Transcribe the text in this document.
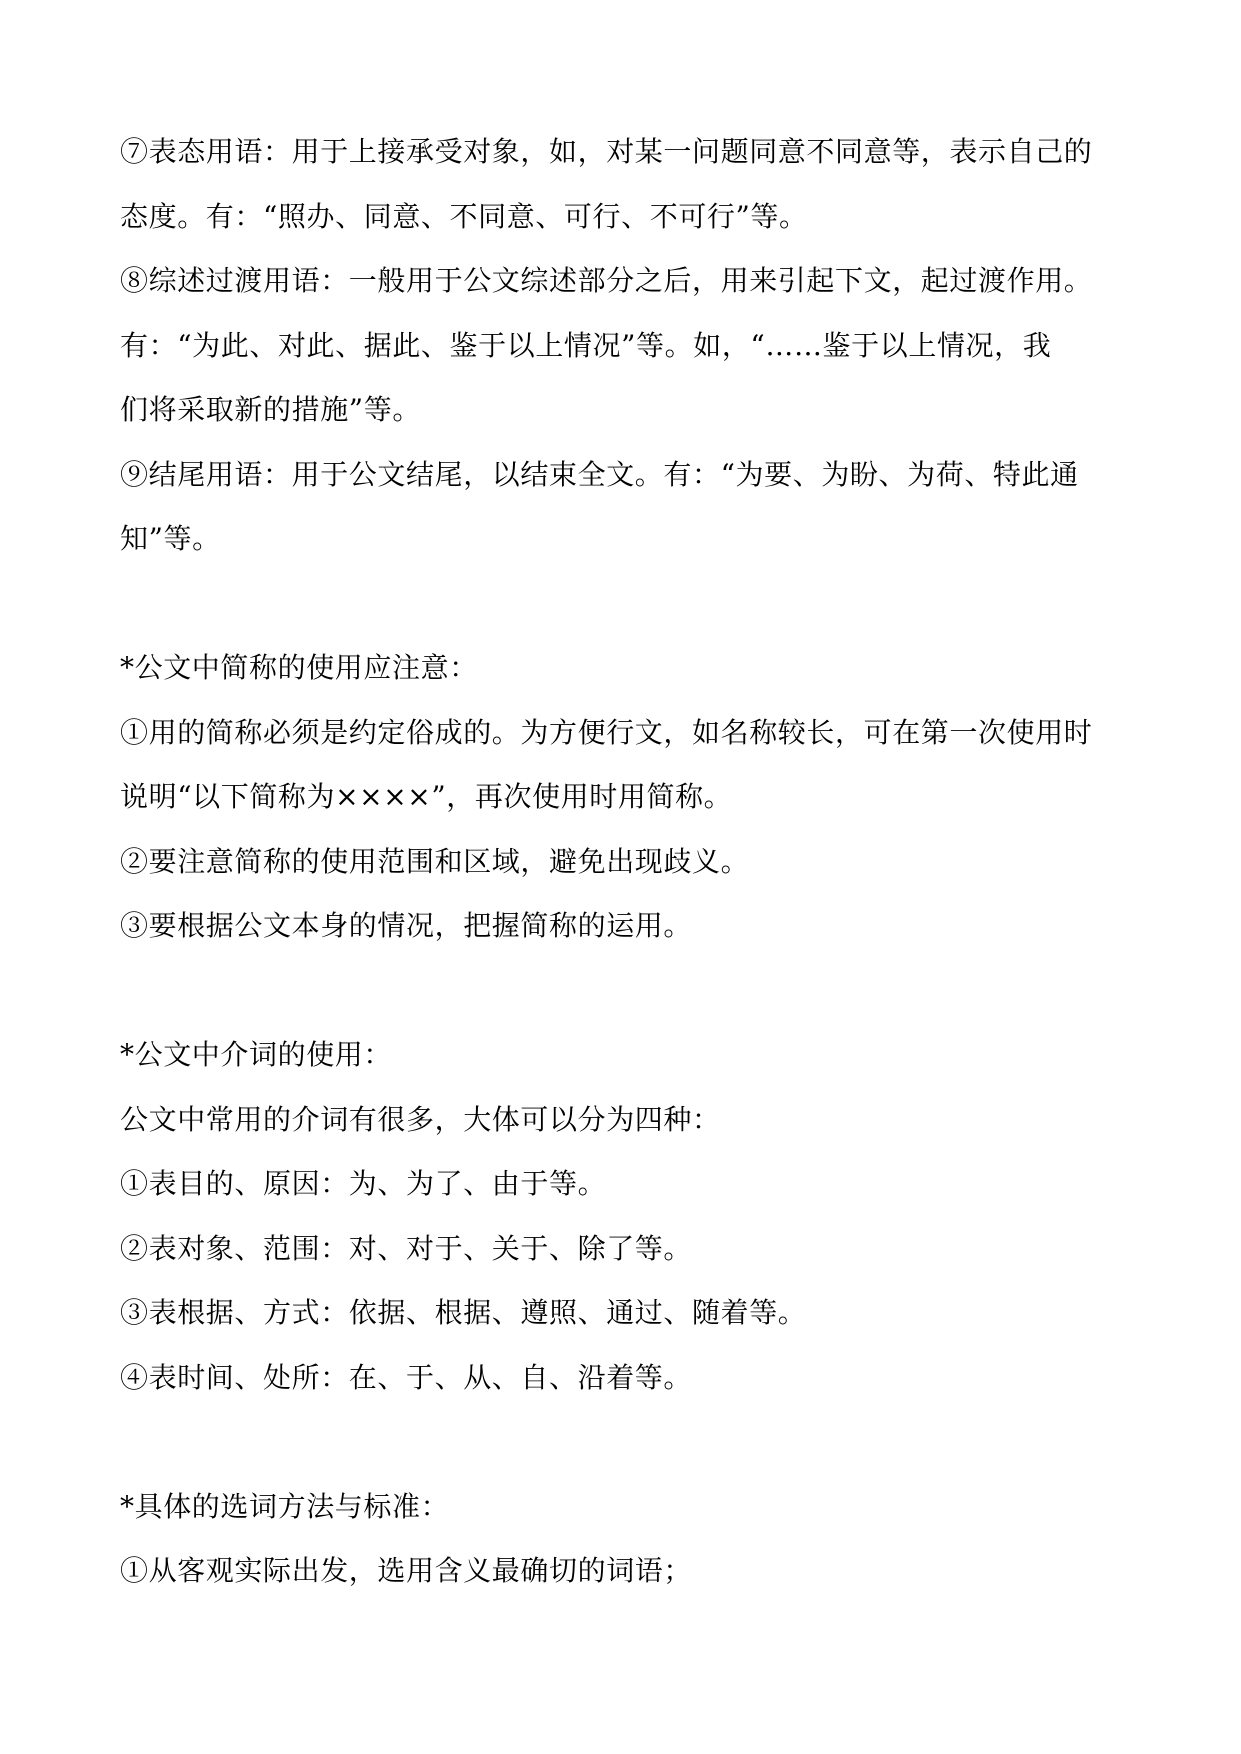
⑦表态用语：用于上接承受对象，如，对某一问题同意不同意等，表示自己的
态度。有：“照办、同意、不同意、可行、不可行”等。
⑧综述过渡用语：一般用于公文综述部分之后，用来引起下文，起过渡作用。
有：“为此、对此、据此、鉴于以上情况”等。如，“……鉴于以上情况，我
们将采取新的措施”等。
⑨结尾用语：用于公文结尾，以结束全文。有：“为要、为盼、为荷、特此通
知”等。
*公文中简称的使用应注意：
①用的简称必须是约定俗成的。为方便行文，如名称较长，可在第一次使用时
说明“以下简称为××××”，再次使用时用简称。
②要注意简称的使用范围和区域，避免出现歧义。
③要根据公文本身的情况，把握简称的运用。
*公文中介词的使用：
公文中常用的介词有很多，大体可以分为四种：
①表目的、原因：为、为了、由于等。
②表对象、范围：对、对于、关于、除了等。
③表根据、方式：依据、根据、遵照、通过、随着等。
④表时间、处所：在、于、从、自、沿着等。
*具体的选词方法与标准：
①从客观实际出发，选用含义最确切的词语；
